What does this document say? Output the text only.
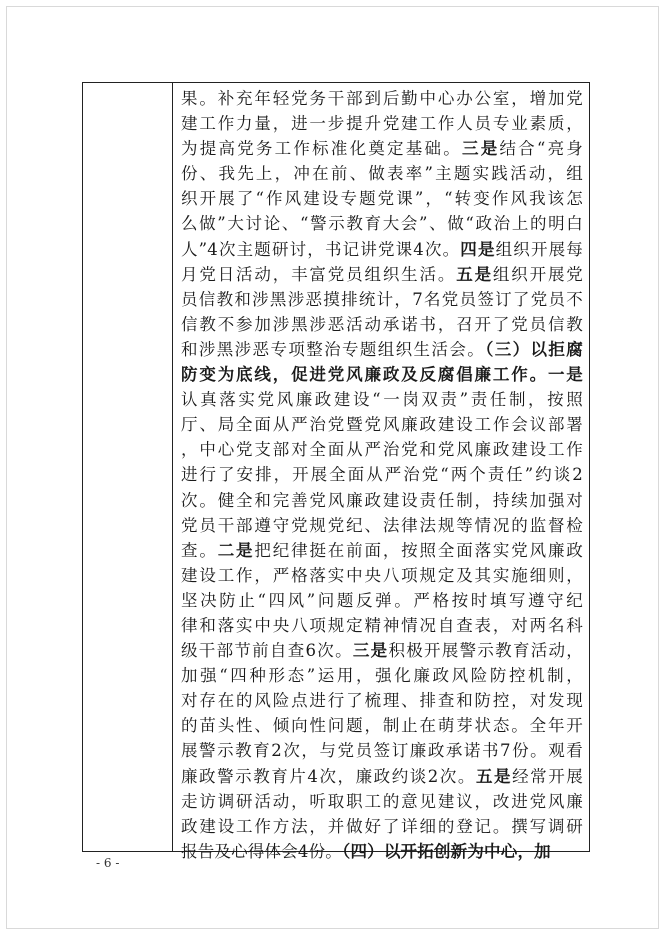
果。补充年轻党务干部到后勤中心办公室，增加党
建工作力量，进一步提升党建工作人员专业素质，
为提高党务工作标准化奠定基础。三是结合“亮身
份、我先上，冲在前、做表率”主题实践活动，组
织开展了“作风建设专题党课”，“转变作风我该怎
么做”大讨论、“警示教育大会”、做“政治上的明白
人”4次主题研讨，书记讲党课4次。四是组织开展每
月党日活动，丰富党员组织生活。五是组织开展党
员信教和涉黑涉恶摸排统计，7名党员签订了党员不
信教不参加涉黑涉恶活动承诺书，召开了党员信教
和涉黑涉恶专项整治专题组织生活会。（三）以拒腐
防变为底线，促进党风廉政及反腐倡廉工作。一是
认真落实党风廉政建设“一岗双责”责任制，按照
厅、局全面从严治党暨党风廉政建设工作会议部署
，中心党支部对全面从严治党和党风廉政建设工作
进行了安排，开展全面从严治党“两个责任”约谈2
次。健全和完善党风廉政建设责任制，持续加强对
党员干部遵守党规党纪、法律法规等情况的监督检
查。二是把纪律挺在前面，按照全面落实党风廉政
建设工作，严格落实中央八项规定及其实施细则，
坚决防止“四风”问题反弹。严格按时填写遵守纪
律和落实中央八项规定精神情况自查表，对两名科
级干部节前自查6次。三是积极开展警示教育活动，
加强“四种形态”运用，强化廉政风险防控机制，
对存在的风险点进行了梳理、排查和防控，对发现
的苗头性、倾向性问题，制止在萌芽状态。全年开
展警示教育2次，与党员签订廉政承诺书7份。观看
廉政警示教育片4次，廉政约谈2次。五是经常开展
走访调研活动，听取职工的意见建议，改进党风廉
政建设工作方法，并做好了详细的登记。撰写调研
报告及心得体会4份。（四）以开拓创新为中心，加
- 6 -
